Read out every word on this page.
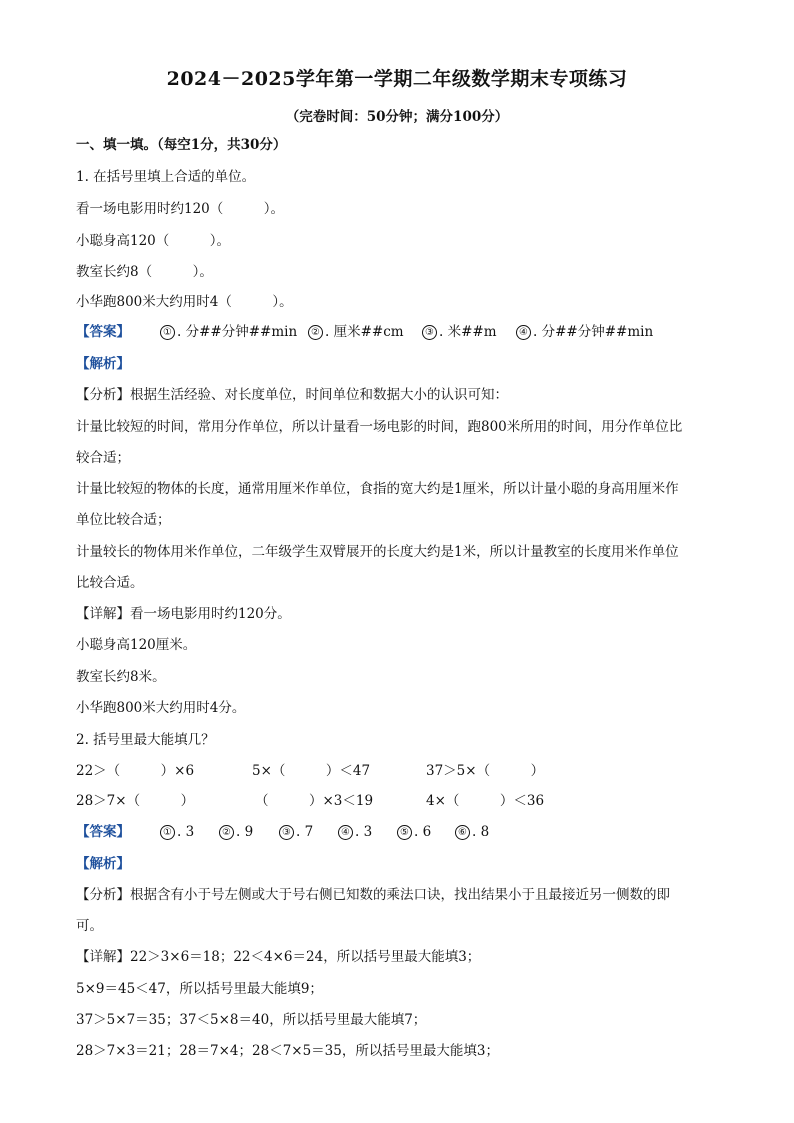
2024－2025学年第一学期二年级数学期末专项练习
（完卷时间：50分钟；满分100分）
一、填一填。（每空1分，共30分）
1. 在括号里填上合适的单位。
看一场电影用时约120（　　　）。
小聪身高120（　　　）。
教室长约8（　　　）。
小华跑800米大约用时4（　　　）。
【答案】	① . 分##分钟##min	② . 厘米##cm	③ . 米##m	④ . 分##分钟##min
【解析】
【分析】根据生活经验、对长度单位，时间单位和数据大小的认识可知：
计量比较短的时间，常用分作单位，所以计量看一场电影的时间，跑800米所用的时间，用分作单位比
较合适；
计量比较短的物体的长度，通常用厘米作单位，食指的宽大约是1厘米，所以计量小聪的身高用厘米作
单位比较合适；
计量较长的物体用米作单位，二年级学生双臂展开的长度大约是1米，所以计量教室的长度用米作单位
比较合适。
【详解】看一场电影用时约120分。
小聪身高120厘米。
教室长约8米。
小华跑800米大约用时4分。
2. 括号里最大能填几？
22＞（　　　）×6	5×（　　　）＜47	37＞5×（　　　）
28＞7×（　　　）	（　　　）×3＜19	4×（　　　）＜36
【答案】	① . 3	② . 9	③ . 7	④ . 3	⑤ . 6	⑥ . 8
【解析】
【分析】根据含有小于号左侧或大于号右侧已知数的乘法口诀，找出结果小于且最接近另一侧数的即
可。
【详解】22＞3×6＝18；22＜4×6＝24，所以括号里最大能填3；
5×9＝45＜47，所以括号里最大能填9；
37＞5×7＝35；37＜5×8＝40，所以括号里最大能填7；
28＞7×3＝21；28＝7×4；28＜7×5＝35，所以括号里最大能填3；
